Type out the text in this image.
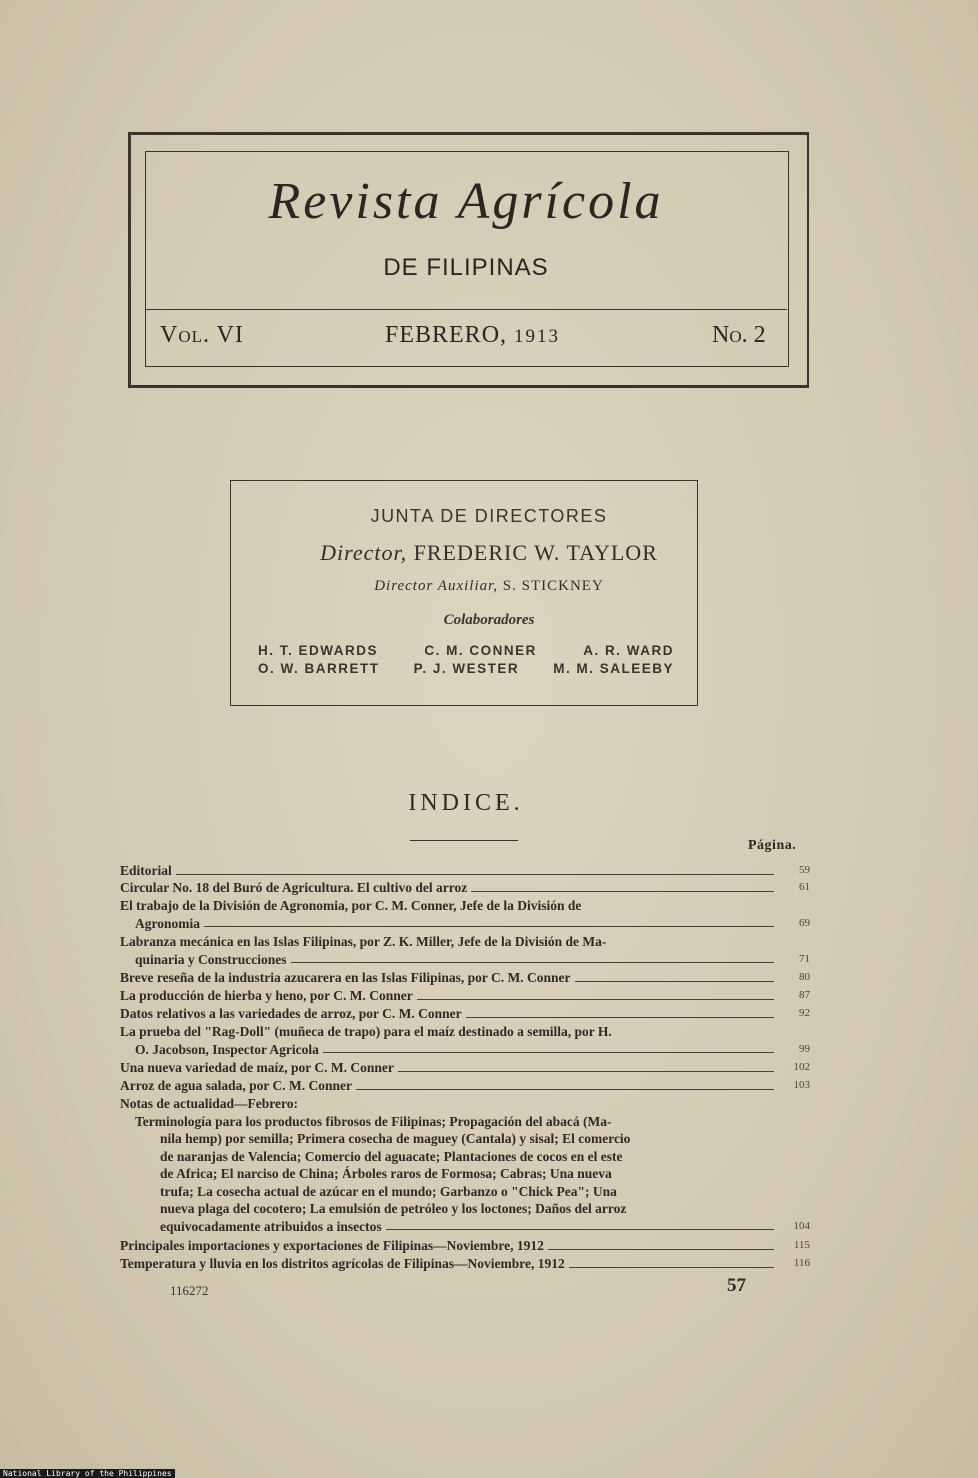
Revista Agrícola
DE FILIPINAS
Vol. VI	FEBRERO, 1913	No. 2
JUNTA DE DIRECTORES
Director, FREDERIC W. TAYLOR
Director Auxiliar, S. STICKNEY
Colaboradores
H. T. EDWARDS	C. M. CONNER	A. R. WARD
O. W. BARRETT	P. J. WESTER	M. M. SALEEBY
INDICE.
Página.
Editorial	59
Circular No. 18 del Buró de Agricultura. El cultivo del arroz	61
El trabajo de la División de Agronomia, por C. M. Conner, Jefe de la División de
Agronomia	69
Labranza mecánica en las Islas Filipinas, por Z. K. Miller, Jefe de la División de Ma-
quinaria y Construcciones	71
Breve reseña de la industria azucarera en las Islas Filipinas, por C. M. Conner	80
La producción de hierba y heno, por C. M. Conner	87
Datos relativos a las variedades de arroz, por C. M. Conner	92
La prueba del "Rag-Doll" (muñeca de trapo) para el maíz destinado a semilla, por H.
O. Jacobson, Inspector Agricola	99
Una nueva variedad de maíz, por C. M. Conner	102
Arroz de agua salada, por C. M. Conner	103
Notas de actualidad—Febrero:
Terminología para los productos fibrosos de Filipinas; Propagación del abacá (Ma-
nila hemp) por semilla; Primera cosecha de maguey (Cantala) y sisal; El comercio
de naranjas de Valencia; Comercio del aguacate; Plantaciones de cocos en el este
de Africa; El narciso de China; Árboles raros de Formosa; Cabras; Una nueva
trufa; La cosecha actual de azúcar en el mundo; Garbanzo o "Chick Pea"; Una
nueva plaga del cocotero; La emulsión de petróleo y los loctones; Daños del arroz
equivocadamente atribuidos a insectos	104
Principales importaciones y exportaciones de Filipinas—Noviembre, 1912	115
Temperatura y lluvia en los distritos agrícolas de Filipinas—Noviembre, 1912	116
116272	57
National Library of the Philippines
